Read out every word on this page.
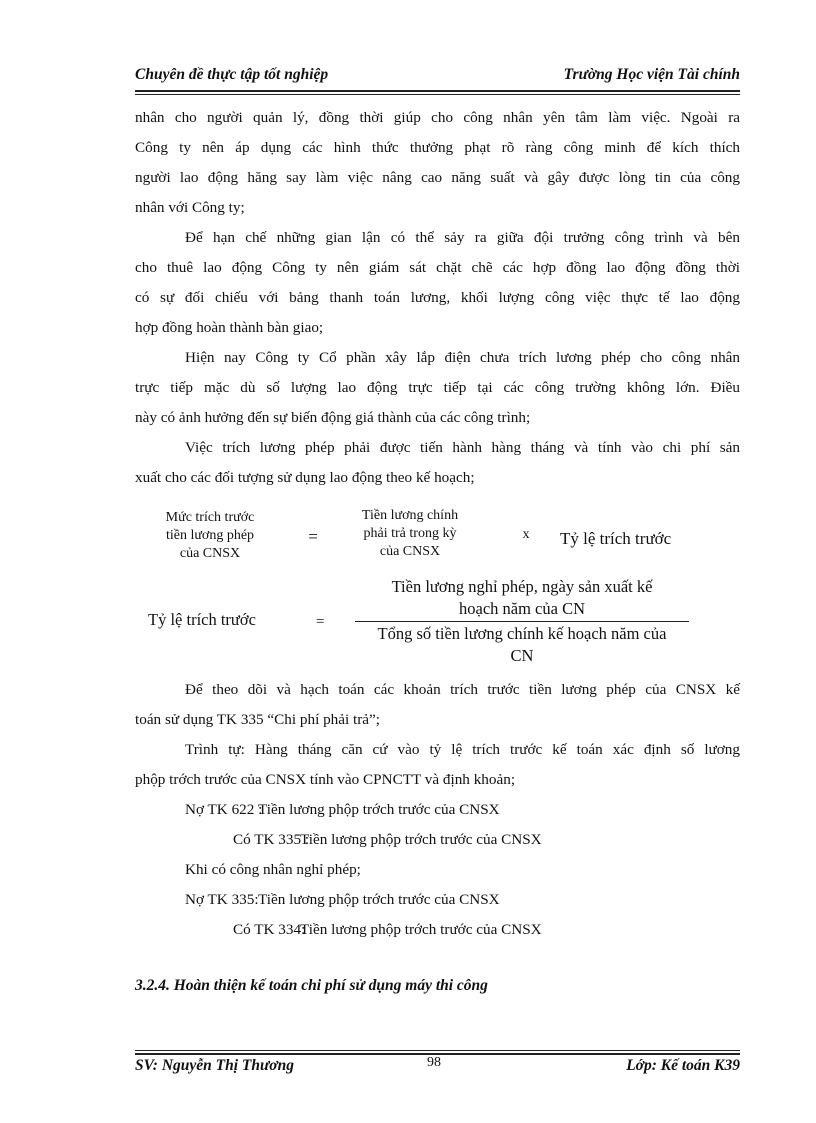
Chuyên đề thực tập tốt nghiệp	Trường Học viện Tài chính
nhân cho người quản lý, đồng thời giúp cho công nhân yên tâm làm việc. Ngoài ra
Công ty nên áp dụng các hình thức thưởng phạt rõ ràng công minh để kích thích
người lao động hăng say làm việc nâng cao năng suất và gây được lòng tin của công
nhân với Công ty;
Để hạn chế những gian lận có thể sảy ra giữa đội trưởng công trình và bên
cho thuê lao động Công ty nên giám sát chặt chẽ các hợp đồng lao động đồng thời
có sự đối chiếu với bảng thanh toán lương, khối lượng công việc thực tế lao động
hợp đồng hoàn thành bàn giao;
Hiện nay Công ty Cổ phần xây lắp điện chưa trích lương phép cho công nhân
trực tiếp mặc dù số lượng lao động trực tiếp tại các công trường không lớn. Điều
này có ảnh hưởng đến sự biến động giá thành của các công trình;
Việc trích lương phép phải được tiến hành hàng tháng và tính vào chi phí sản
xuất cho các đối tượng sử dụng lao động theo kế hoạch;
Mức trích trước
tiền lương phép
của CNSX
=
Tiền lương chính
phải trả trong kỳ
của CNSX
x	Tỷ lệ trích trước
Tỷ lệ trích trước	=
Tiền lương nghỉ phép, ngày sản xuất kế
hoạch năm của CN
Tổng số tiền lương chính kế hoạch năm của
CN
Để theo dõi và hạch toán các khoản trích trước tiền lương phép của CNSX kế
toán sử dụng TK 335 “Chi phí phải trả”;
Trình tự: Hàng tháng căn cứ vào tỷ lệ trích trước kế toán xác định số lương
phộp trớch trước của CNSX tính vào CPNCTT và định khoản;
Nợ TK 622 :
Tiền lương phộp trớch trước của CNSX
Có TK 335 :
Tiền lương phộp trớch trước của CNSX
Khi có công nhân nghỉ phép;
Nợ TK 335: Tiền lương phộp trớch trước của CNSX
Có TK 334:
Tiền lương phộp trớch trước của CNSX
3.2.4. Hoàn thiện kế toán chi phí sử dụng máy thi công
SV: Nguyễn Thị Thương	98	Lớp: Kế toán K39
